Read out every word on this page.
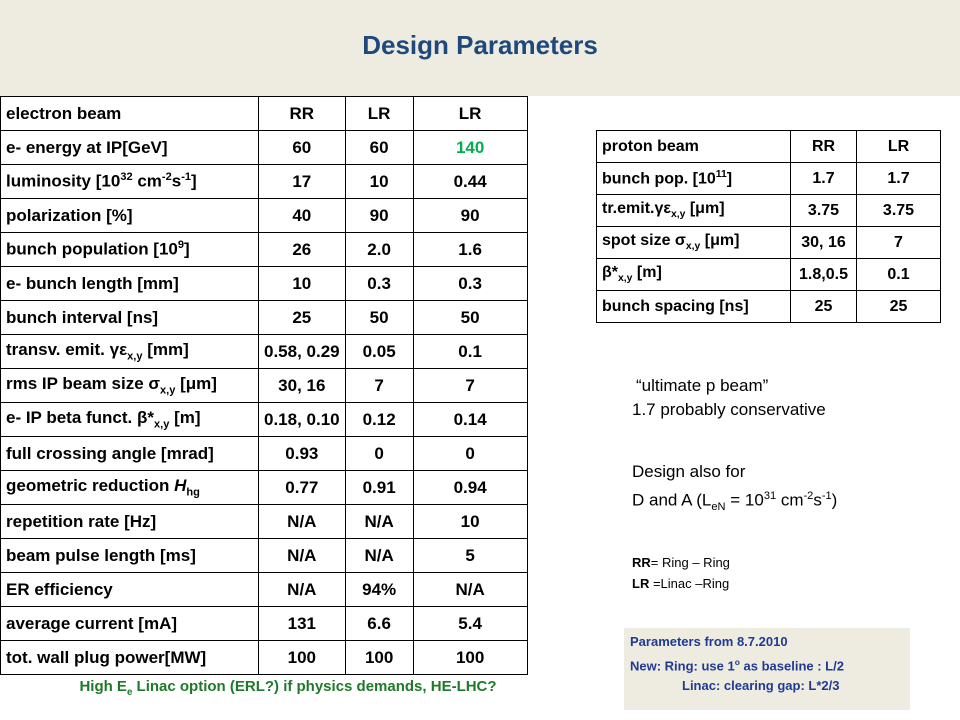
Design Parameters
electron beam	RR	LR	LR
e- energy at IP[GeV]	60	60	140
luminosity [$10^{32}$ $cm^{-2}s^{-1}$]	17	10	0.44
polarization [%]	40	90	90
bunch population $[10^9]$	26	2.0	1.6
e- bunch length [mm]	10	0.3	0.3
bunch interval [ns]	25	50	50
transv. emit. $\gamma\varepsilon_{x,y}$ [mm]	0.58, 0.29	0.05	0.1
rms IP beam size $\sigma_{x,y}$ [μm]	30, 16	7	7
e- IP beta funct. $\beta*_{x,y}$ [m]	0.18, 0.10	0.12	0.14
full crossing angle [mrad]	0.93	0	0
geometric reduction $H_{hg}$	0.77	0.91	0.94
repetition rate [Hz]	N/A	N/A	10
beam pulse length [ms]	N/A	N/A	5
ER efficiency	N/A	94%	N/A
average current [mA]	131	6.6	5.4
tot. wall plug power[MW]	100	100	100
proton beam	RR	LR
bunch pop. $[10^{11}]$	1.7	1.7
$tr.emit.\gamma\varepsilon_{x,y}$ [μm]	3.75	3.75
spot size $\sigma_{x,y}$ [μm]	30, 16	7
$\beta*_{x,y}$ [m]	1.8,0.5	0.1
bunch spacing [ns]	25	25
“ultimate p beam”
1.7 probably conservative
Design also for
D and A ($L_{eN} = 10^{31}$ $cm^{-2}s^{-1}$)
RR= Ring – Ring
LR =Linac –Ring
Parameters from 8.7.2010
New: Ring: use 1$^o$ as baseline : L/2
Linac: clearing gap: L*2/3
High $E_e$ Linac option (ERL?) if physics demands, HE-LHC?
